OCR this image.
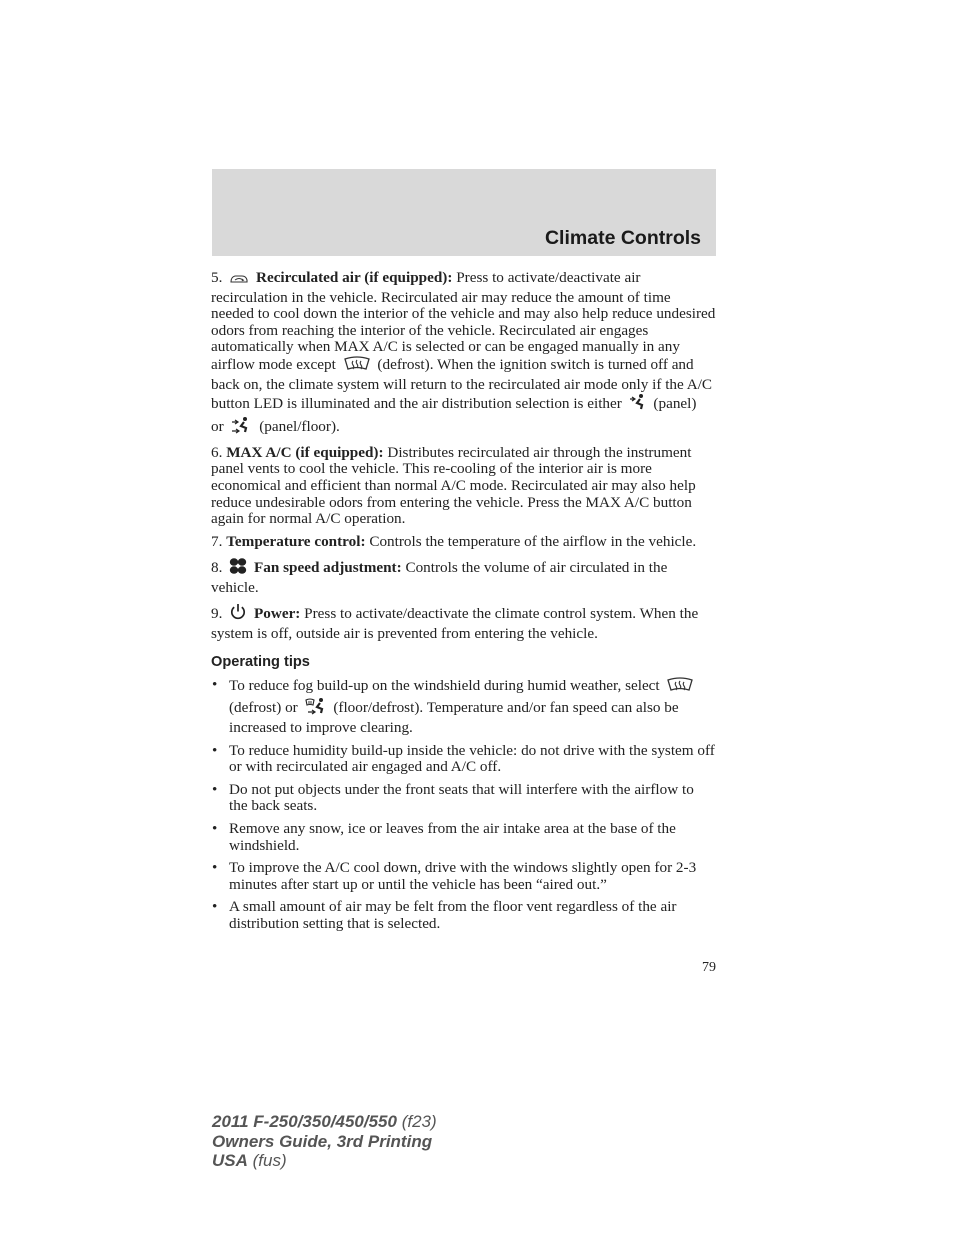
Climate Controls

5. Recirculated air (if equipped): Press to activate/deactivate air recirculation in the vehicle. Recirculated air may reduce the amount of time needed to cool down the interior of the vehicle and may also help reduce undesired odors from reaching the interior of the vehicle. Recirculated air engages automatically when MAX A/C is selected or can be engaged manually in any airflow mode except	(defrost). When the ignition switch is turned off and back on, the climate system will return to the recirculated air mode only if the A/C button LED is illuminated and the air distribution selection is either (panel)
or (panel/floor).

6. MAX A/C (if equipped): Distributes recirculated air through the instrument panel vents to cool the vehicle. This re-cooling of the interior air is more economical and efficient than normal A/C mode. Recirculated air may also help reduce undesirable odors from entering the vehicle. Press the MAX A/C button again for normal A/C operation.

7. Temperature control: Controls the temperature of the airflow in the vehicle.

8. Fan speed adjustment: Controls the volume of air circulated in the vehicle.

9. Power: Press to activate/deactivate the climate control system. When the system is off, outside air is prevented from entering the vehicle.

Operating tips
• To reduce fog build-up on the windshield during humid weather, select  (defrost) or (floor/defrost). Temperature and/or fan speed can also be increased to improve clearing.
• To reduce humidity build-up inside the vehicle: do not drive with the system off or with recirculated air engaged and A/C off.
• Do not put objects under the front seats that will interfere with the airflow to the back seats.
• Remove any snow, ice or leaves from the air intake area at the base of the windshield.
• To improve the A/C cool down, drive with the windows slightly open for 2-3 minutes after start up or until the vehicle has been “aired out.”
• A small amount of air may be felt from the floor vent regardless of the air distribution setting that is selected.
79
2011 F-250/350/450/550 (f23)
Owners Guide, 3rd Printing
USA (fus)
